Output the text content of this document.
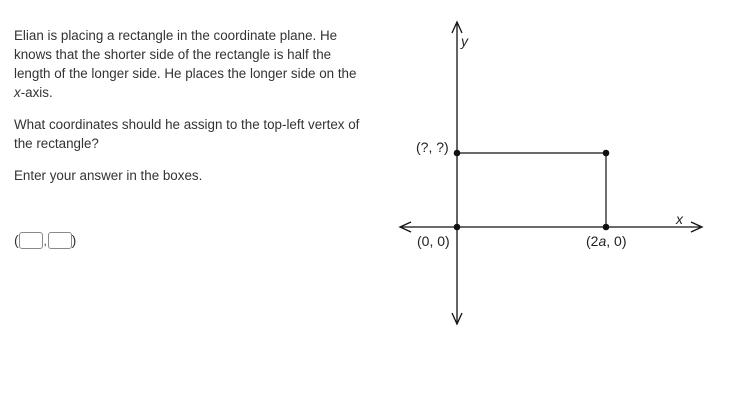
Elian is placing a rectangle in the coordinate plane. He knows that the shorter side of the rectangle is half the length of the longer side. He places the longer side on the x-axis.

What coordinates should he assign to the top-left vertex of the rectangle?

Enter your answer in the boxes.

( , )
y
x
(?, ?)
(0, 0)	(2a, 0)
